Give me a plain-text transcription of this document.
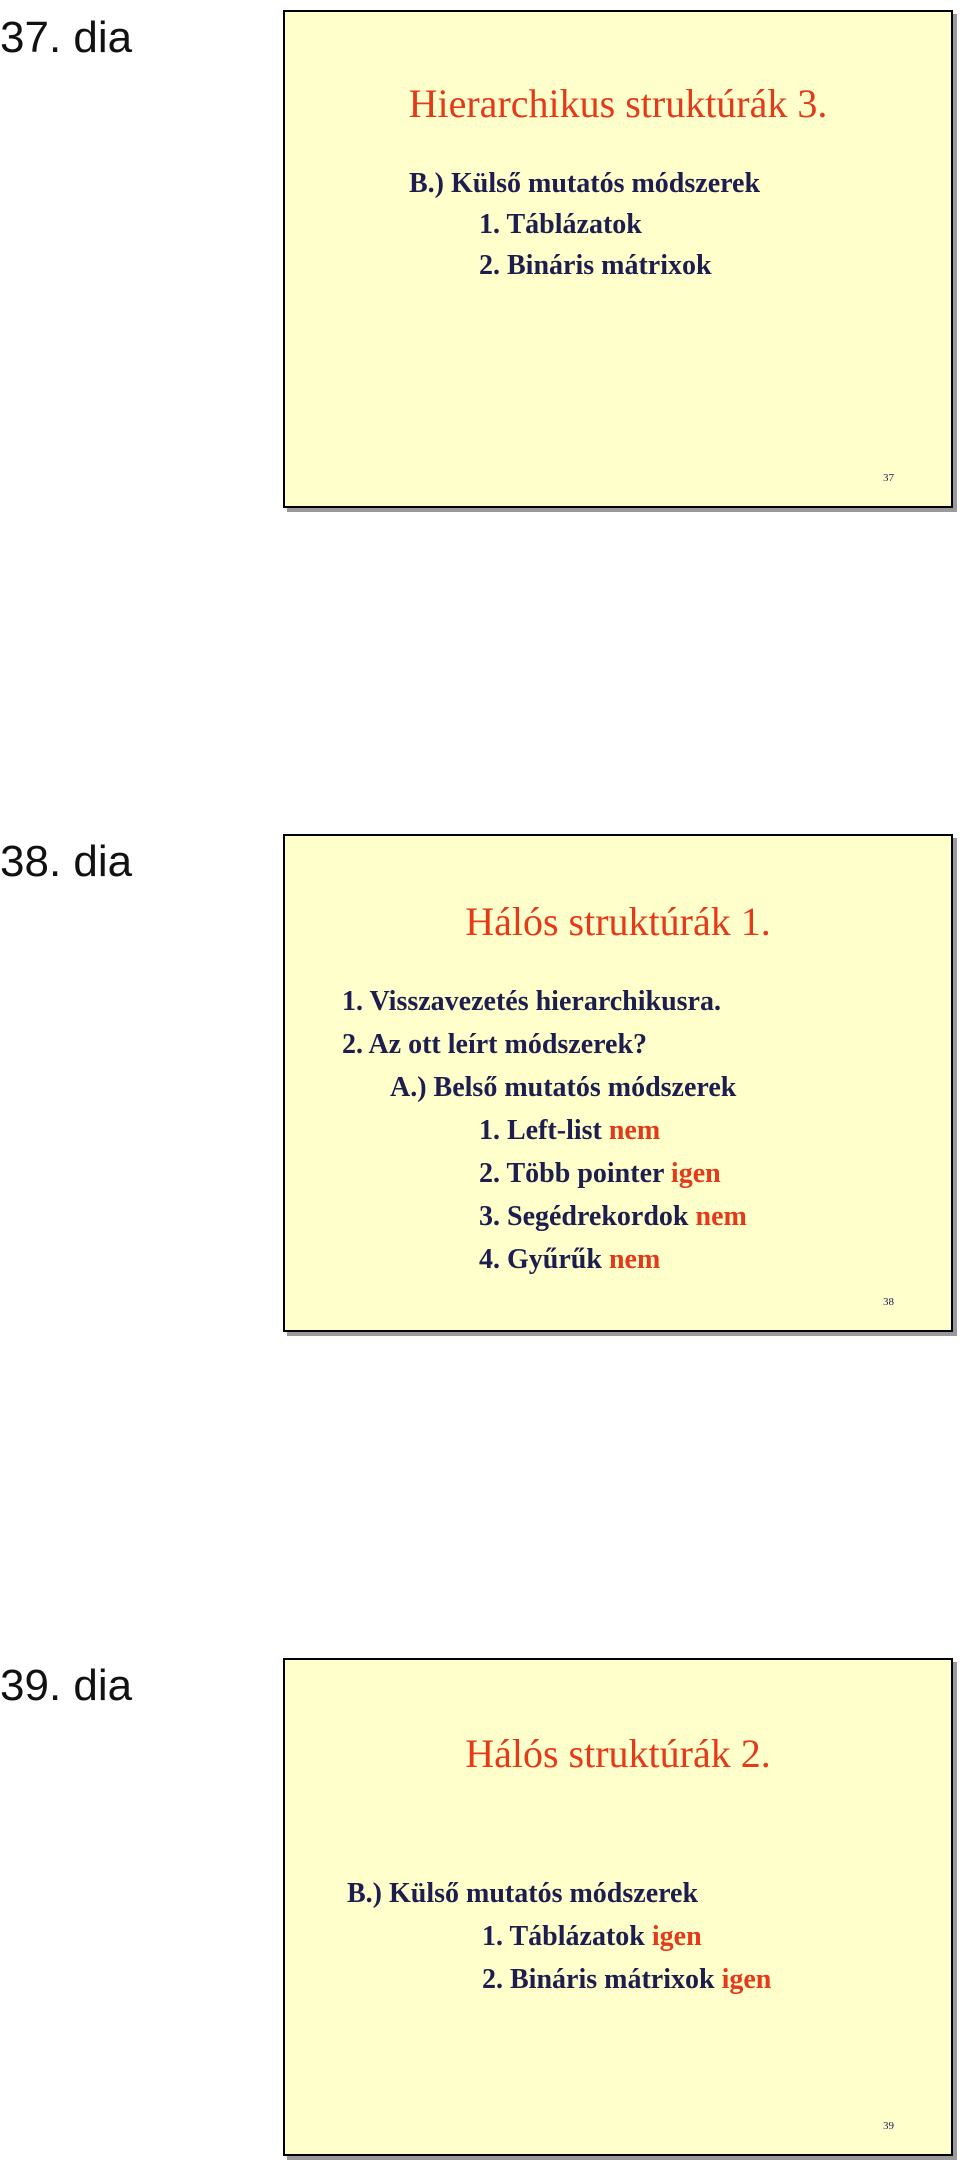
37. dia
Hierarchikus struktúrák 3.
B.) Külső mutatós módszerek
1. Táblázatok
2. Bináris mátrixok
37
38. dia
Hálós struktúrák 1.
1. Visszavezetés hierarchikusra.
2. Az ott leírt módszerek?
A.) Belső mutatós módszerek
1. Left-list nem
2. Több pointer igen
3. Segédrekordok nem
4. Gyűrűk nem
38
39. dia
Hálós struktúrák 2.
B.) Külső mutatós módszerek
1. Táblázatok igen
2. Bináris mátrixok igen
39
